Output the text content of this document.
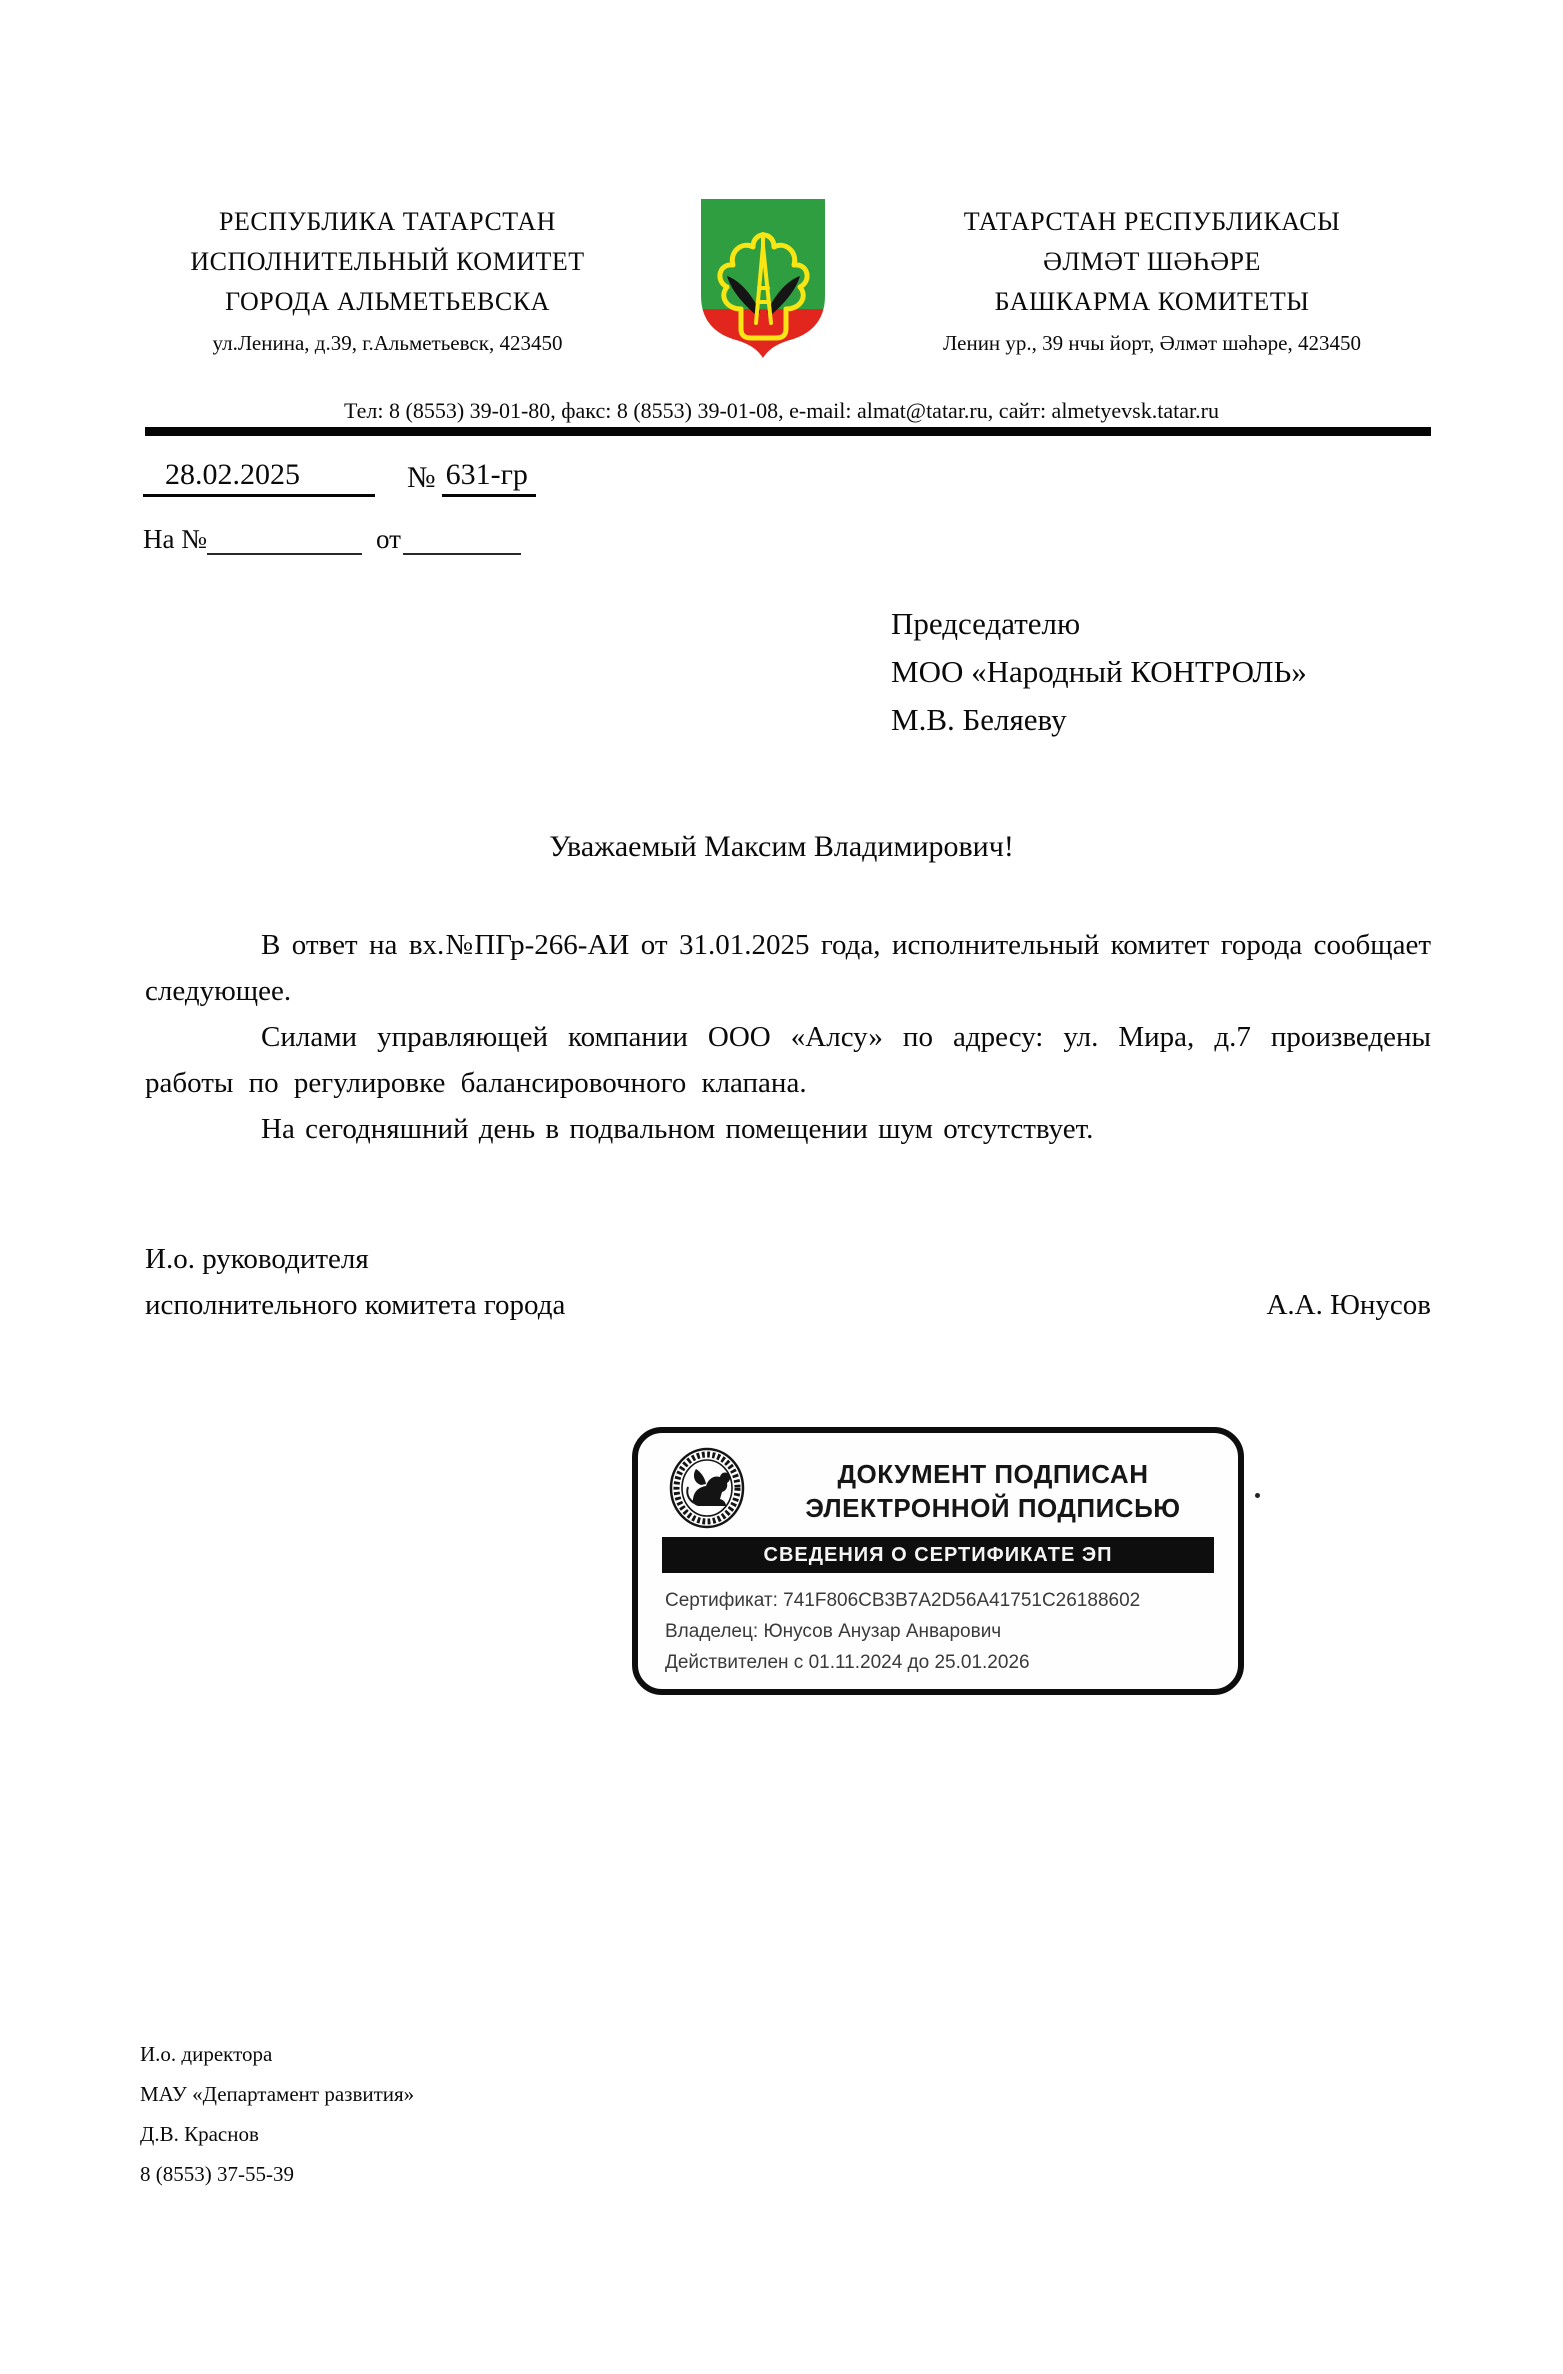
РЕСПУБЛИКА ТАТАРСТАН
ИСПОЛНИТЕЛЬНЫЙ КОМИТЕТ
ГОРОДА АЛЬМЕТЬЕВСКА
ул.Ленина, д.39, г.Альметьевск, 423450
ТАТАРСТАН РЕСПУБЛИКАСЫ
ӘЛМӘТ ШӘҺӘРЕ
БАШКАРМА КОМИТЕТЫ
Ленин ур., 39 нчы йорт, Әлмәт шәһәре, 423450
Тел: 8 (8553) 39-01-80, факс: 8 (8553) 39-01-08, e-mail: almat@tatar.ru, сайт: almetyevsk.tatar.ru
28.02.2025	№ 631-гр
На №	от
Председателю
МОО «Народный КОНТРОЛЬ»
М.В. Беляеву
Уважаемый Максим Владимирович!

В ответ на вх.№ПГр-266-АИ от 31.01.2025 года, исполнительный комитет города сообщает следующее.

Силами управляющей компании ООО «Алсу» по адресу: ул. Мира, д.7 произведены работы по регулировке балансировочного клапана.

На сегодняшний день в подвальном помещении шум отсутствует.

И.о. руководителя
исполнительного комитета города	А.А. Юнусов
ДОКУМЕНТ ПОДПИСАН
ЭЛЕКТРОННОЙ ПОДПИСЬЮ
СВЕДЕНИЯ О СЕРТИФИКАТЕ ЭП
Сертификат: 741F806CB3B7A2D56A41751C26188602
Владелец: Юнусов Анузар Анварович
Действителен с 01.11.2024 до 25.01.2026
И.о. директора
МАУ «Департамент развития»
Д.В. Краснов
8 (8553) 37-55-39
